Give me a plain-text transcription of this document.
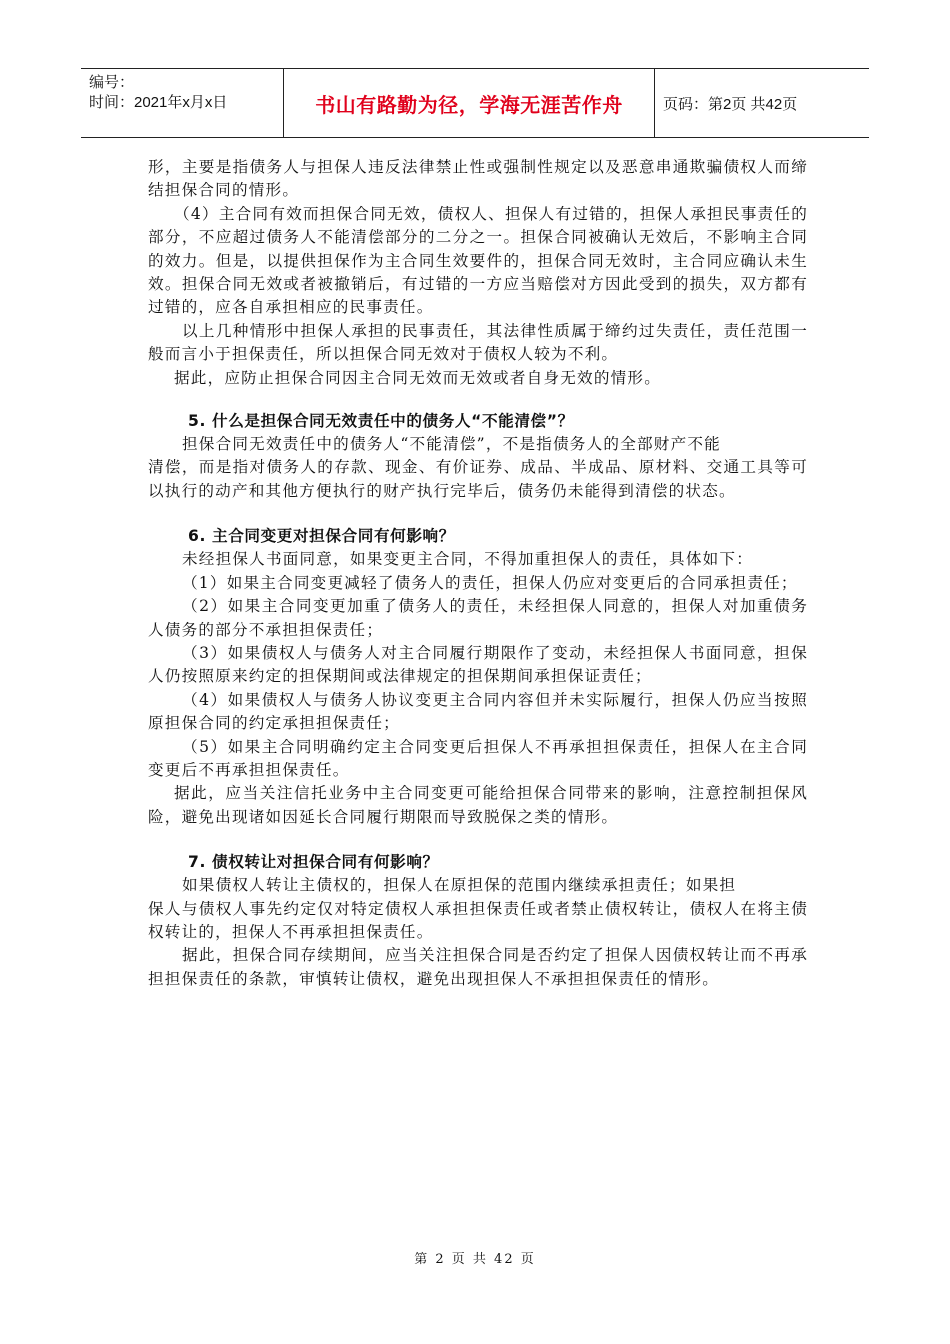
编号：
时间：2021年x月x日	书山有路勤为径，学海无涯苦作舟	页码：第2页 共42页

形，主要是指债务人与担保人违反法律禁止性或强制性规定以及恶意串通欺骗债权人而缔结担保合同的情形。

（4）主合同有效而担保合同无效，债权人、担保人有过错的，担保人承担民事责任的部分，不应超过债务人不能清偿部分的二分之一。担保合同被确认无效后，不影响主合同的效力。但是，以提供担保作为主合同生效要件的，担保合同无效时，主合同应确认未生效。担保合同无效或者被撤销后，有过错的一方应当赔偿对方因此受到的损失，双方都有过错的，应各自承担相应的民事责任。

以上几种情形中担保人承担的民事责任，其法律性质属于缔约过失责任，责任范围一般而言小于担保责任，所以担保合同无效对于债权人较为不利。

据此，应防止担保合同因主合同无效而无效或者自身无效的情形。

5. 什么是担保合同无效责任中的债务人“不能清偿”？

担保合同无效责任中的债务人“不能清偿”，不是指债务人的全部财产不能

清偿，而是指对债务人的存款、现金、有价证券、成品、半成品、原材料、交通工具等可以执行的动产和其他方便执行的财产执行完毕后，债务仍未能得到清偿的状态。

6. 主合同变更对担保合同有何影响？

未经担保人书面同意，如果变更主合同，不得加重担保人的责任，具体如下：

（1）如果主合同变更减轻了债务人的责任，担保人仍应对变更后的合同承担责任；

（2）如果主合同变更加重了债务人的责任，未经担保人同意的，担保人对加重债务人债务的部分不承担担保责任；

（3）如果债权人与债务人对主合同履行期限作了变动，未经担保人书面同意，担保人仍按照原来约定的担保期间或法律规定的担保期间承担保证责任；

（4）如果债权人与债务人协议变更主合同内容但并未实际履行，担保人仍应当按照原担保合同的约定承担担保责任；

（5）如果主合同明确约定主合同变更后担保人不再承担担保责任，担保人在主合同变更后不再承担担保责任。

据此，应当关注信托业务中主合同变更可能给担保合同带来的影响，注意控制担保风险，避免出现诸如因延长合同履行期限而导致脱保之类的情形。

7. 债权转让对担保合同有何影响？

如果债权人转让主债权的，担保人在原担保的范围内继续承担责任；如果担

保人与债权人事先约定仅对特定债权人承担担保责任或者禁止债权转让，债权人在将主债权转让的，担保人不再承担担保责任。

据此，担保合同存续期间，应当关注担保合同是否约定了担保人因债权转让而不再承担担保责任的条款，审慎转让债权，避免出现担保人不承担担保责任的情形。

第 2 页 共 42 页
